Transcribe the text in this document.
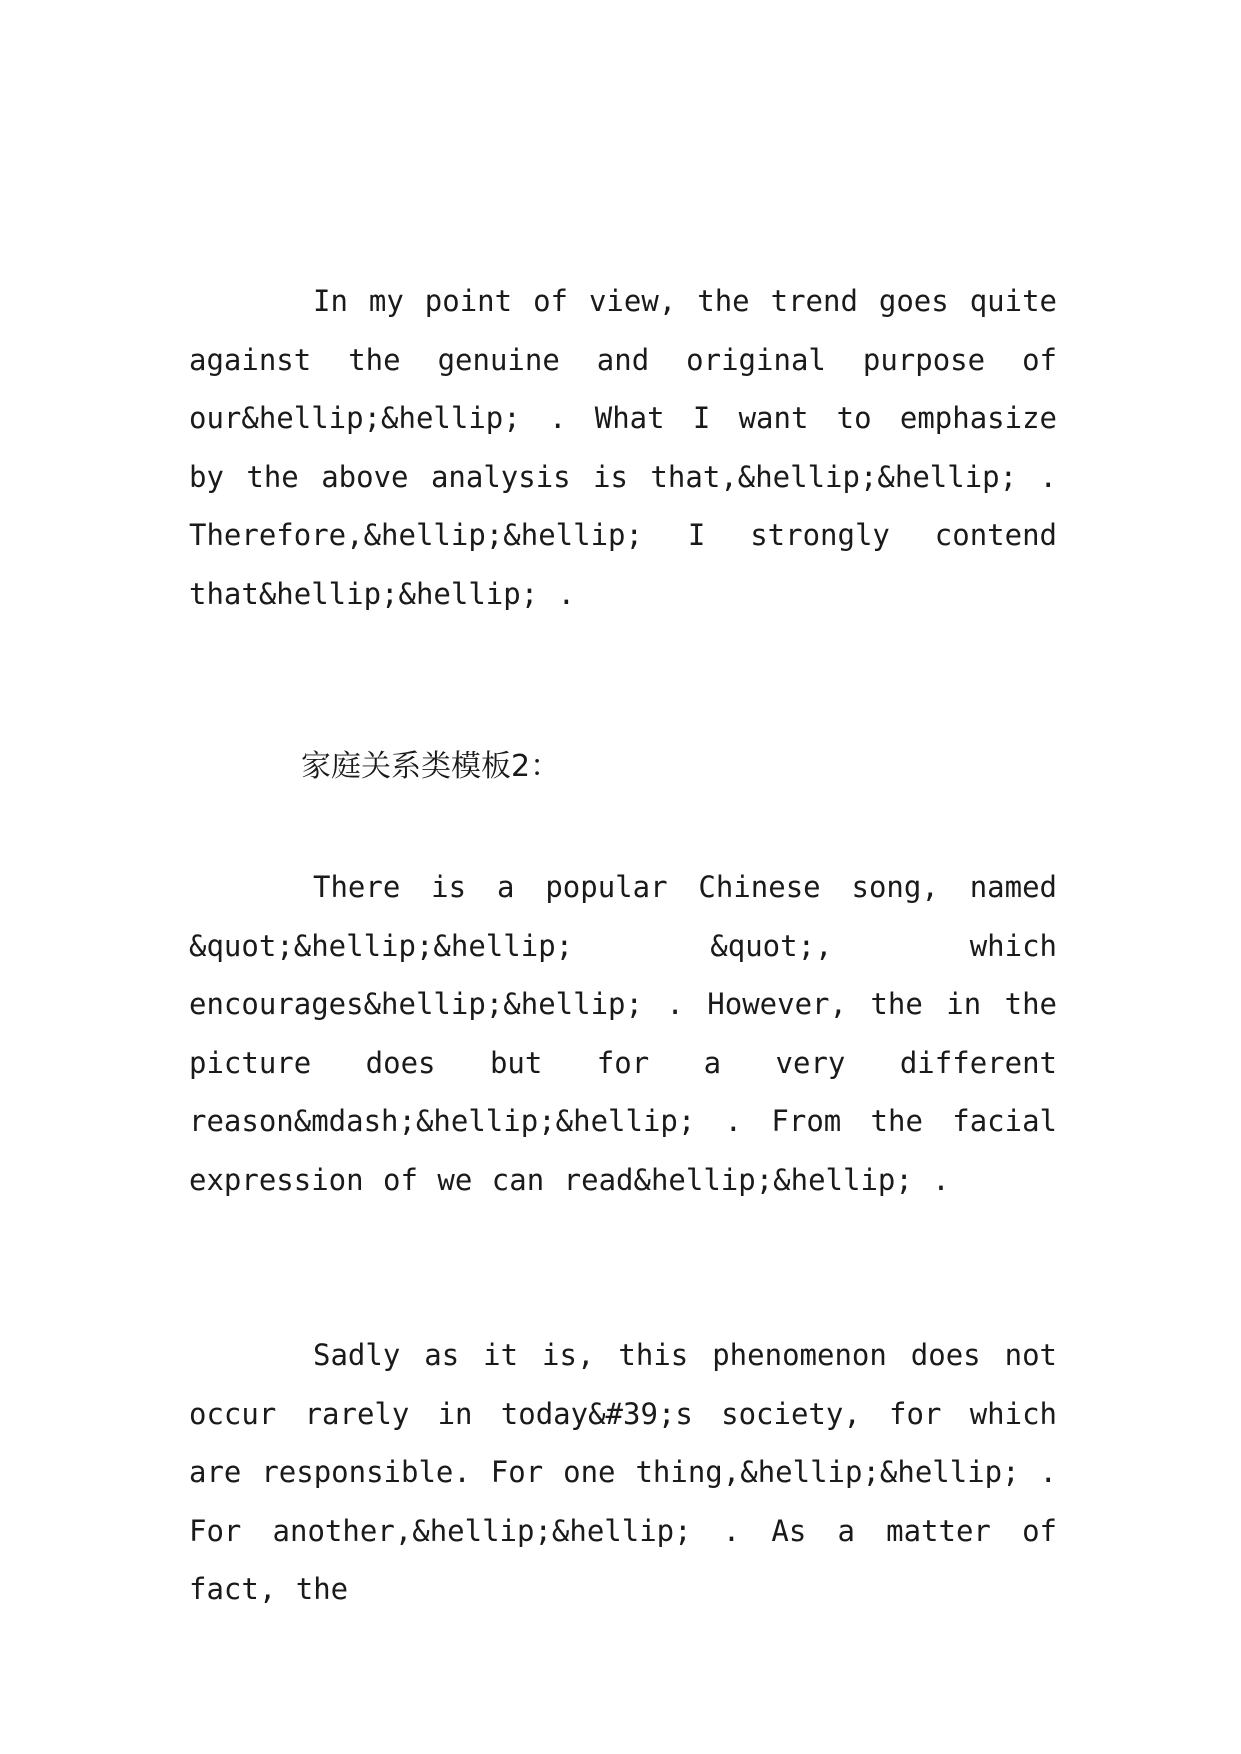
In my point of view, the trend goes quite against the genuine and original purpose of our&hellip;&hellip; . What I want to emphasize by the above analysis is that,&hellip;&hellip; . Therefore,&hellip;&hellip; I strongly contend that&hellip;&hellip; .

家庭关系类模板2：

There is a popular Chinese song, named &quot;&hellip;&hellip; &quot;, which encourages&hellip;&hellip; . However, the in the picture does but for a very different reason&mdash;&hellip;&hellip; . From the facial expression of we can read&hellip;&hellip; .

Sadly as it is, this phenomenon does not occur rarely in today&#39;s society, for which are responsible. For one thing,&hellip;&hellip; . For another,&hellip;&hellip; . As a matter of fact, the
